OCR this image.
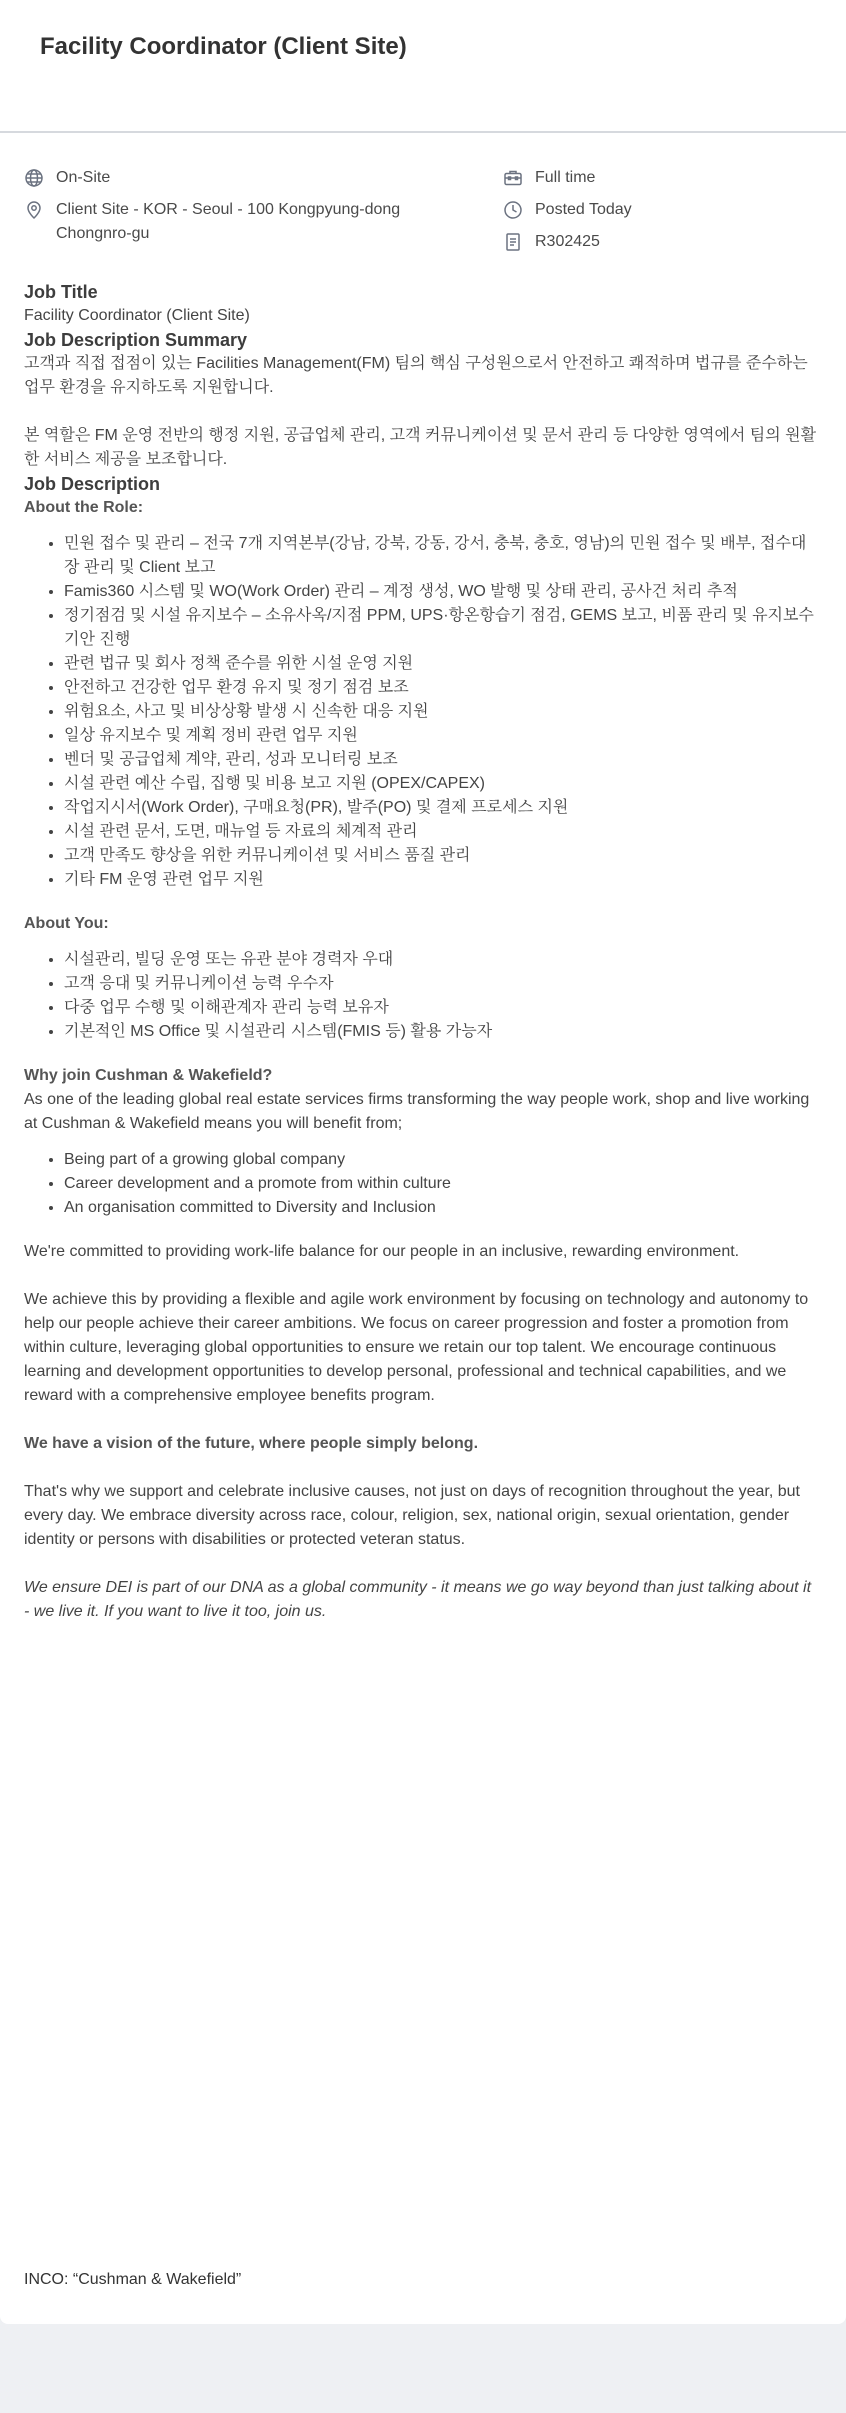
Facility Coordinator (Client Site)
On-Site
Client Site - KOR - Seoul - 100 Kongpyung-dong Chongnro-gu
Full time
Posted Today
R302425
Job Title

Facility Coordinator (Client Site)

Job Description Summary

고객과 직접 접점이 있는 Facilities Management(FM) 팀의 핵심 구성원으로서 안전하고 쾌적하며 법규를 준수하는 업무 환경을 유지하도록 지원합니다.

본 역할은 FM 운영 전반의 행정 지원, 공급업체 관리, 고객 커뮤니케이션 및 문서 관리 등 다양한 영역에서 팀의 원활한 서비스 제공을 보조합니다.

Job Description

About the Role:

• 민원 접수 및 관리 – 전국 7개 지역본부(강남, 강북, 강동, 강서, 충북, 충호, 영남)의 민원 접수 및 배부, 접수대장 관리 및 Client 보고
• Famis360 시스템 및 WO(Work Order) 관리 – 계정 생성, WO 발행 및 상태 관리, 공사건 처리 추적
• 정기점검 및 시설 유지보수 – 소유사옥/지점 PPM, UPS·항온항습기 점검, GEMS 보고, 비품 관리 및 유지보수 기안 진행
• 관련 법규 및 회사 정책 준수를 위한 시설 운영 지원
• 안전하고 건강한 업무 환경 유지 및 정기 점검 보조
• 위험요소, 사고 및 비상상황 발생 시 신속한 대응 지원
• 일상 유지보수 및 계획 정비 관련 업무 지원
• 벤더 및 공급업체 계약, 관리, 성과 모니터링 보조
• 시설 관련 예산 수립, 집행 및 비용 보고 지원 (OPEX/CAPEX)
• 작업지시서(Work Order), 구매요청(PR), 발주(PO) 및 결제 프로세스 지원
• 시설 관련 문서, 도면, 매뉴얼 등 자료의 체계적 관리
• 고객 만족도 향상을 위한 커뮤니케이션 및 서비스 품질 관리
• 기타 FM 운영 관련 업무 지원

About You:

• 시설관리, 빌딩 운영 또는 유관 분야 경력자 우대
• 고객 응대 및 커뮤니케이션 능력 우수자
• 다중 업무 수행 및 이해관계자 관리 능력 보유자
• 기본적인 MS Office 및 시설관리 시스템(FMIS 등) 활용 가능자

Why join Cushman & Wakefield?

As one of the leading global real estate services firms transforming the way people work, shop and live working at Cushman & Wakefield means you will benefit from;

• Being part of a growing global company
• Career development and a promote from within culture
• An organisation committed to Diversity and Inclusion

We're committed to providing work-life balance for our people in an inclusive, rewarding environment.

We achieve this by providing a flexible and agile work environment by focusing on technology and autonomy to help our people achieve their career ambitions. We focus on career progression and foster a promotion from within culture, leveraging global opportunities to ensure we retain our top talent. We encourage continuous learning and development opportunities to develop personal, professional and technical capabilities, and we reward with a comprehensive employee benefits program.

We have a vision of the future, where people simply belong.

That's why we support and celebrate inclusive causes, not just on days of recognition throughout the year, but every day. We embrace diversity across race, colour, religion, sex, national origin, sexual orientation, gender identity or persons with disabilities or protected veteran status.

We ensure DEI is part of our DNA as a global community - it means we go way beyond than just talking about it - we live it. If you want to live it too, join us.

INCO: “Cushman & Wakefield”
